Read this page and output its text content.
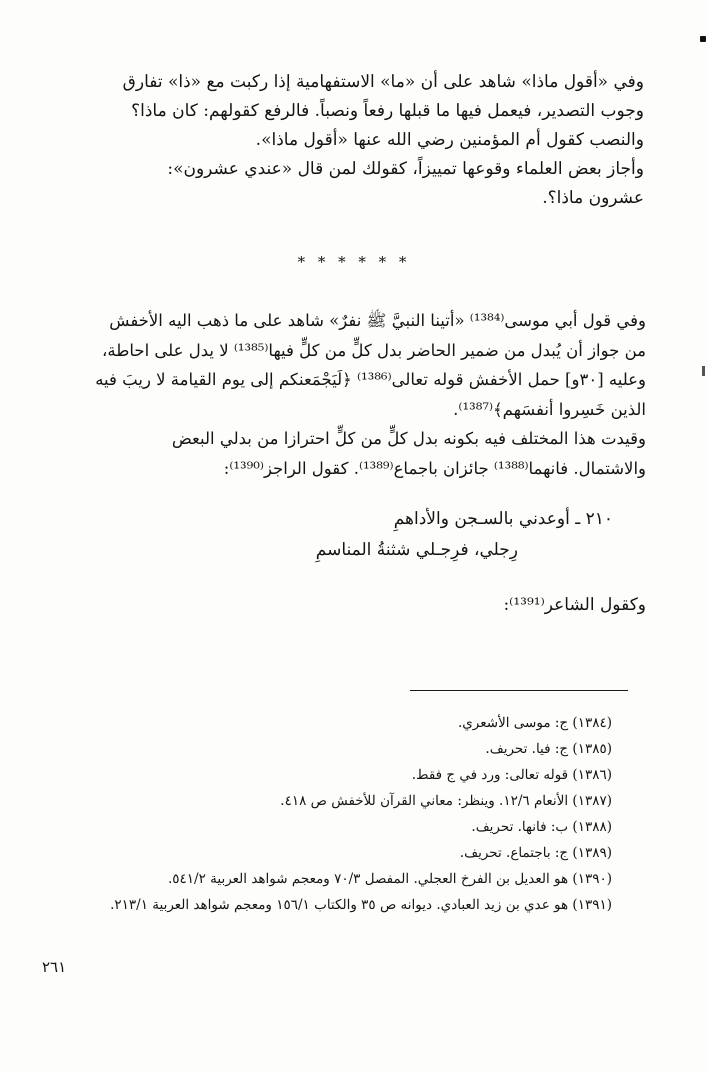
وفي «أقول ماذا» شاهد على أن «ما» الاستفهامية إذا ركبت مع «ذا» تفارق
وجوب التصدير، فيعمل فيها ما قبلها رفعاً ونصباً. فالرفع كقولهم: كان ماذا؟
والنصب كقول أم المؤمنين رضي الله عنها «أقول ماذا».
وأجاز بعض العلماء وقوعها تمييزاً، كقولك لمن قال «عندي عشرون»:
عشرون ماذا؟.
* * * * * *
وفي قول أبي موسى⁽¹³⁸⁴⁾ «أتينا النبيَّ ﷺ نفرٌ» شاهد على ما ذهب اليه الأخفش
من جواز أن يُبدل من ضمير الحاضر بدل كلٍّ من كلٍّ فيها⁽¹³⁸⁵⁾ لا يدل على احاطة،
وعليه [٣٠و] حمل الأخفش قوله تعالى⁽¹³⁸⁶⁾ ﴿لَيَجْمَعنكم إلى يوم القيامة لا ريبَ فيه
الذين خَسِروا أنفسَهم﴾⁽¹³⁸⁷⁾.
وقيدت هذا المختلف فيه بكونه بدل كلٍّ من كلٍّ احترازا من بدلي البعض
والاشتمال. فانهما⁽¹³⁸⁸⁾ جائزان باجماع⁽¹³⁸⁹⁾. كقول الراجز⁽¹³⁹⁰⁾:
٢١٠ ـ أوعدني بالسـجن والأداهمِ
رِجلي، فرِجـلي شثنةُ المناسمِ
وكقول الشاعر⁽¹³⁹¹⁾:
(١٣٨٤) ج: موسى الأشعري.
(١٣٨٥) ج: فيا. تحريف.
(١٣٨٦) قوله تعالى: ورد في ج فقط.
(١٣٨٧) الأنعام ١٢/٦. وينظر: معاني القرآن للأخفش ص ٤١٨.
(١٣٨٨) ب: فانها. تحريف.
(١٣٨٩) ج: باجتماع. تحريف.
(١٣٩٠) هو العديل بن الفرخ العجلي. المفصل ٧٠/٣ ومعجم شواهد العربية ٥٤١/٢.
(١٣٩١) هو عدي بن زيد العبادي. ديوانه ص ٣٥ والكتاب ١٥٦/١ ومعجم شواهد العربية ٢١٣/١.
٢٦١
